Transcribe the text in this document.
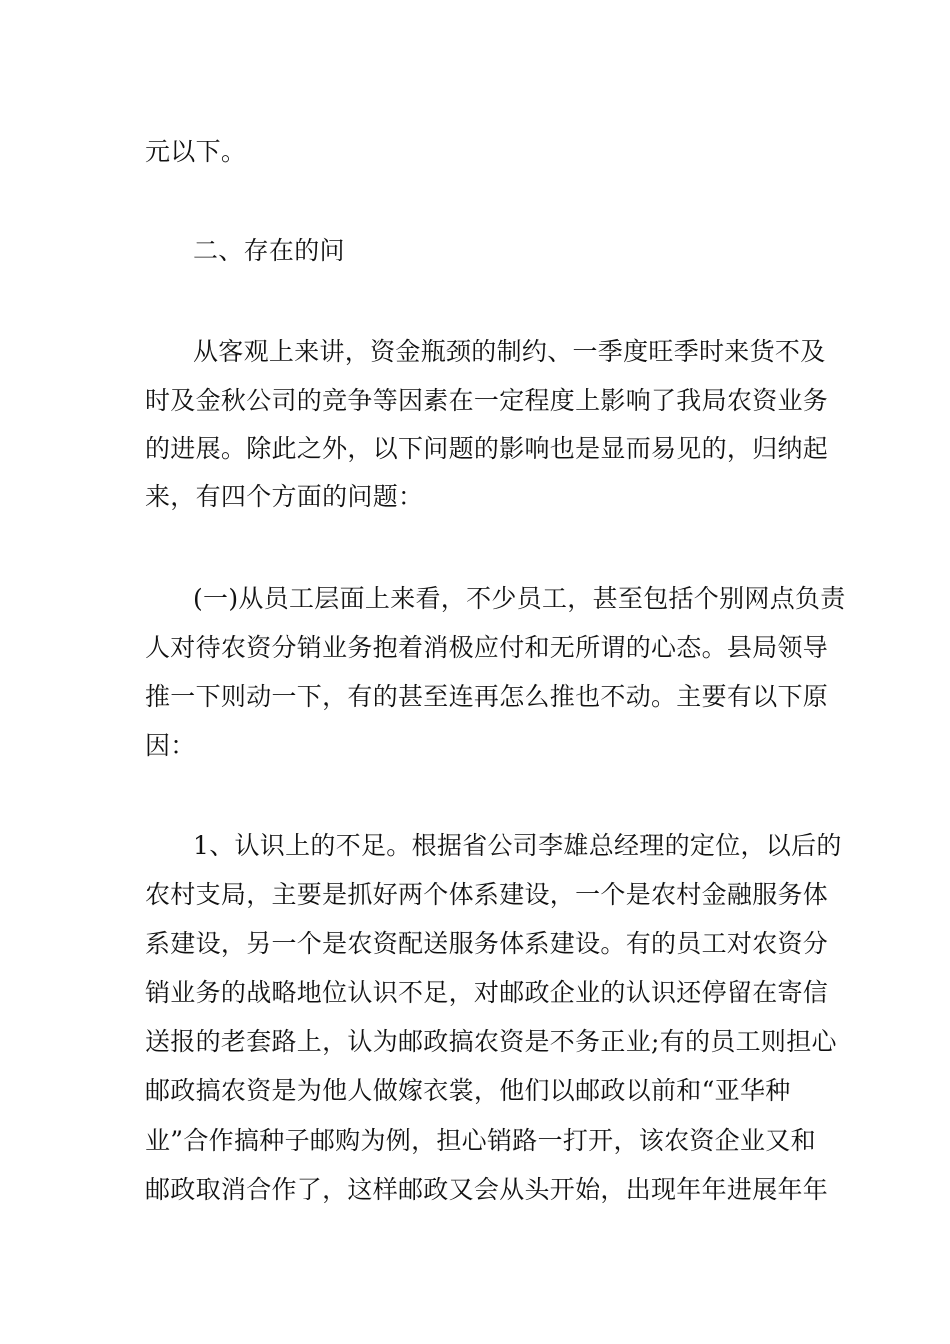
元以下。
二、存在的问
从客观上来讲，资金瓶颈的制约、一季度旺季时来货不及
时及金秋公司的竞争等因素在一定程度上影响了我局农资业务
的进展。除此之外，以下问题的影响也是显而易见的，归纳起
来，有四个方面的问题：
(一)从员工层面上来看，不少员工，甚至包括个别网点负责
人对待农资分销业务抱着消极应付和无所谓的心态。县局领导
推一下则动一下，有的甚至连再怎么推也不动。主要有以下原
因：
1、认识上的不足。根据省公司李雄总经理的定位，以后的
农村支局，主要是抓好两个体系建设，一个是农村金融服务体
系建设，另一个是农资配送服务体系建设。有的员工对农资分
销业务的战略地位认识不足，对邮政企业的认识还停留在寄信
送报的老套路上，认为邮政搞农资是不务正业;有的员工则担心
邮政搞农资是为他人做嫁衣裳，他们以邮政以前和“亚华种
业”合作搞种子邮购为例，担心销路一打开，该农资企业又和
邮政取消合作了，这样邮政又会从头开始，出现年年进展年年
